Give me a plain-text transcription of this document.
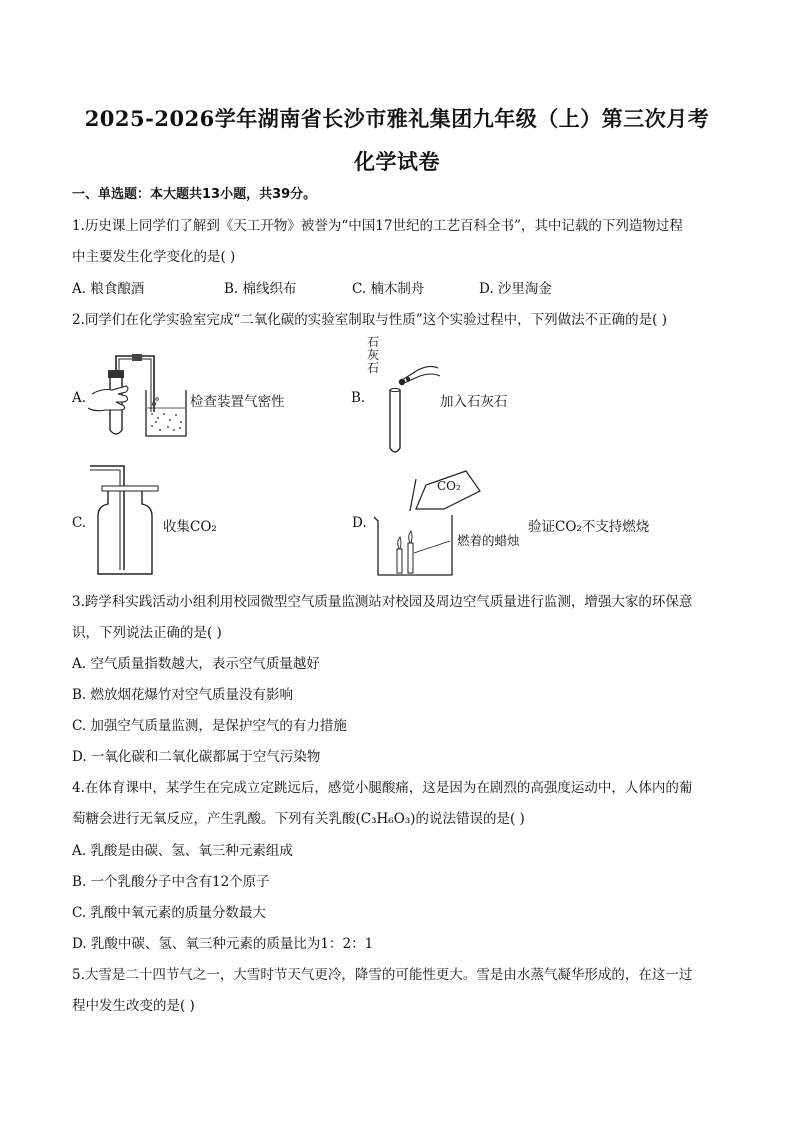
2025-2026学年湖南省长沙市雅礼集团九年级（上）第三次月考
化学试卷
一、单选题：本大题共13小题，共39分。
1.历史课上同学们了解到《天工开物》被誉为“中国17世纪的工艺百科全书”，其中记载的下列造物过程
中主要发生化学变化的是( )
A. 粮食酿酒	B. 棉线织布	C. 楠木制舟	D. 沙里淘金
2.同学们在化学实验室完成“二氧化碳的实验室制取与性质”这个实验过程中，下列做法不正确的是( )
A.	检查装置气密性	B.
石
灰
石
加入石灰石
C.	收集CO₂	D.
CO₂
燃着的蜡烛
验证CO₂不支持燃烧
3.跨学科实践活动小组利用校园微型空气质量监测站对校园及周边空气质量进行监测，增强大家的环保意
识，下列说法正确的是( )
A. 空气质量指数越大，表示空气质量越好
B. 燃放烟花爆竹对空气质量没有影响
C. 加强空气质量监测，是保护空气的有力措施
D. 一氧化碳和二氧化碳都属于空气污染物
4.在体育课中，某学生在完成立定跳远后，感觉小腿酸痛，这是因为在剧烈的高强度运动中，人体内的葡
萄糖会进行无氧反应，产生乳酸。下列有关乳酸(C₃H₆O₃)的说法错误的是( )
A. 乳酸是由碳、氢、氧三种元素组成
B. 一个乳酸分子中含有12个原子
C. 乳酸中氧元素的质量分数最大
D. 乳酸中碳、氢、氧三种元素的质量比为1：2：1
5.大雪是二十四节气之一，大雪时节天气更冷，降雪的可能性更大。雪是由水蒸气凝华形成的，在这一过
程中发生改变的是( )
